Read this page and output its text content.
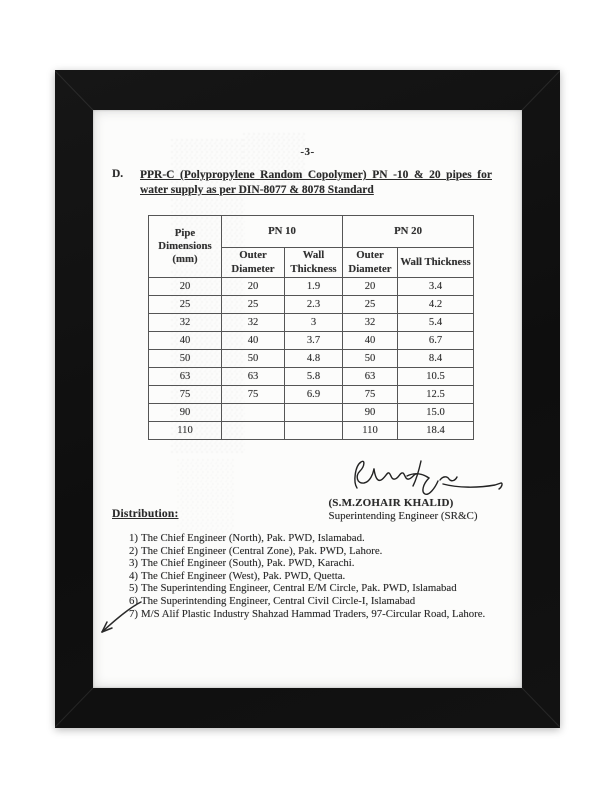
-3-
D. PPR-C (Polypropylene Random Copolymer) PN -10 & 20 pipes for
water supply as per DIN-8077 & 8078 Standard
Pipe Dimensions (mm)	PN 10		PN 20	
	Outer Diameter	Wall Thickness	Outer Diameter	Wall Thickness
20	20	1.9	20	3.4
25	25	2.3	25	4.2
32	32	3	32	5.4
40	40	3.7	40	6.7
50	50	4.8	50	8.4
63	63	5.8	63	10.5
75	75	6.9	75	12.5
90			90	15.0
110			110	18.4
(S.M.ZOHAIR KHALID)
Superintending Engineer (SR&C)
Distribution:
1) The Chief Engineer (North), Pak. PWD, Islamabad.
2) The Chief Engineer (Central Zone), Pak. PWD, Lahore.
3) The Chief Engineer (South), Pak. PWD, Karachi.
4) The Chief Engineer (West), Pak. PWD, Quetta.
5) The Superintending Engineer, Central E/M Circle, Pak. PWD, Islamabad
6) The Superintending Engineer, Central Civil Circle-I, Islamabad
7) M/S Alif Plastic Industry Shahzad Hammad Traders, 97-Circular Road, Lahore.
